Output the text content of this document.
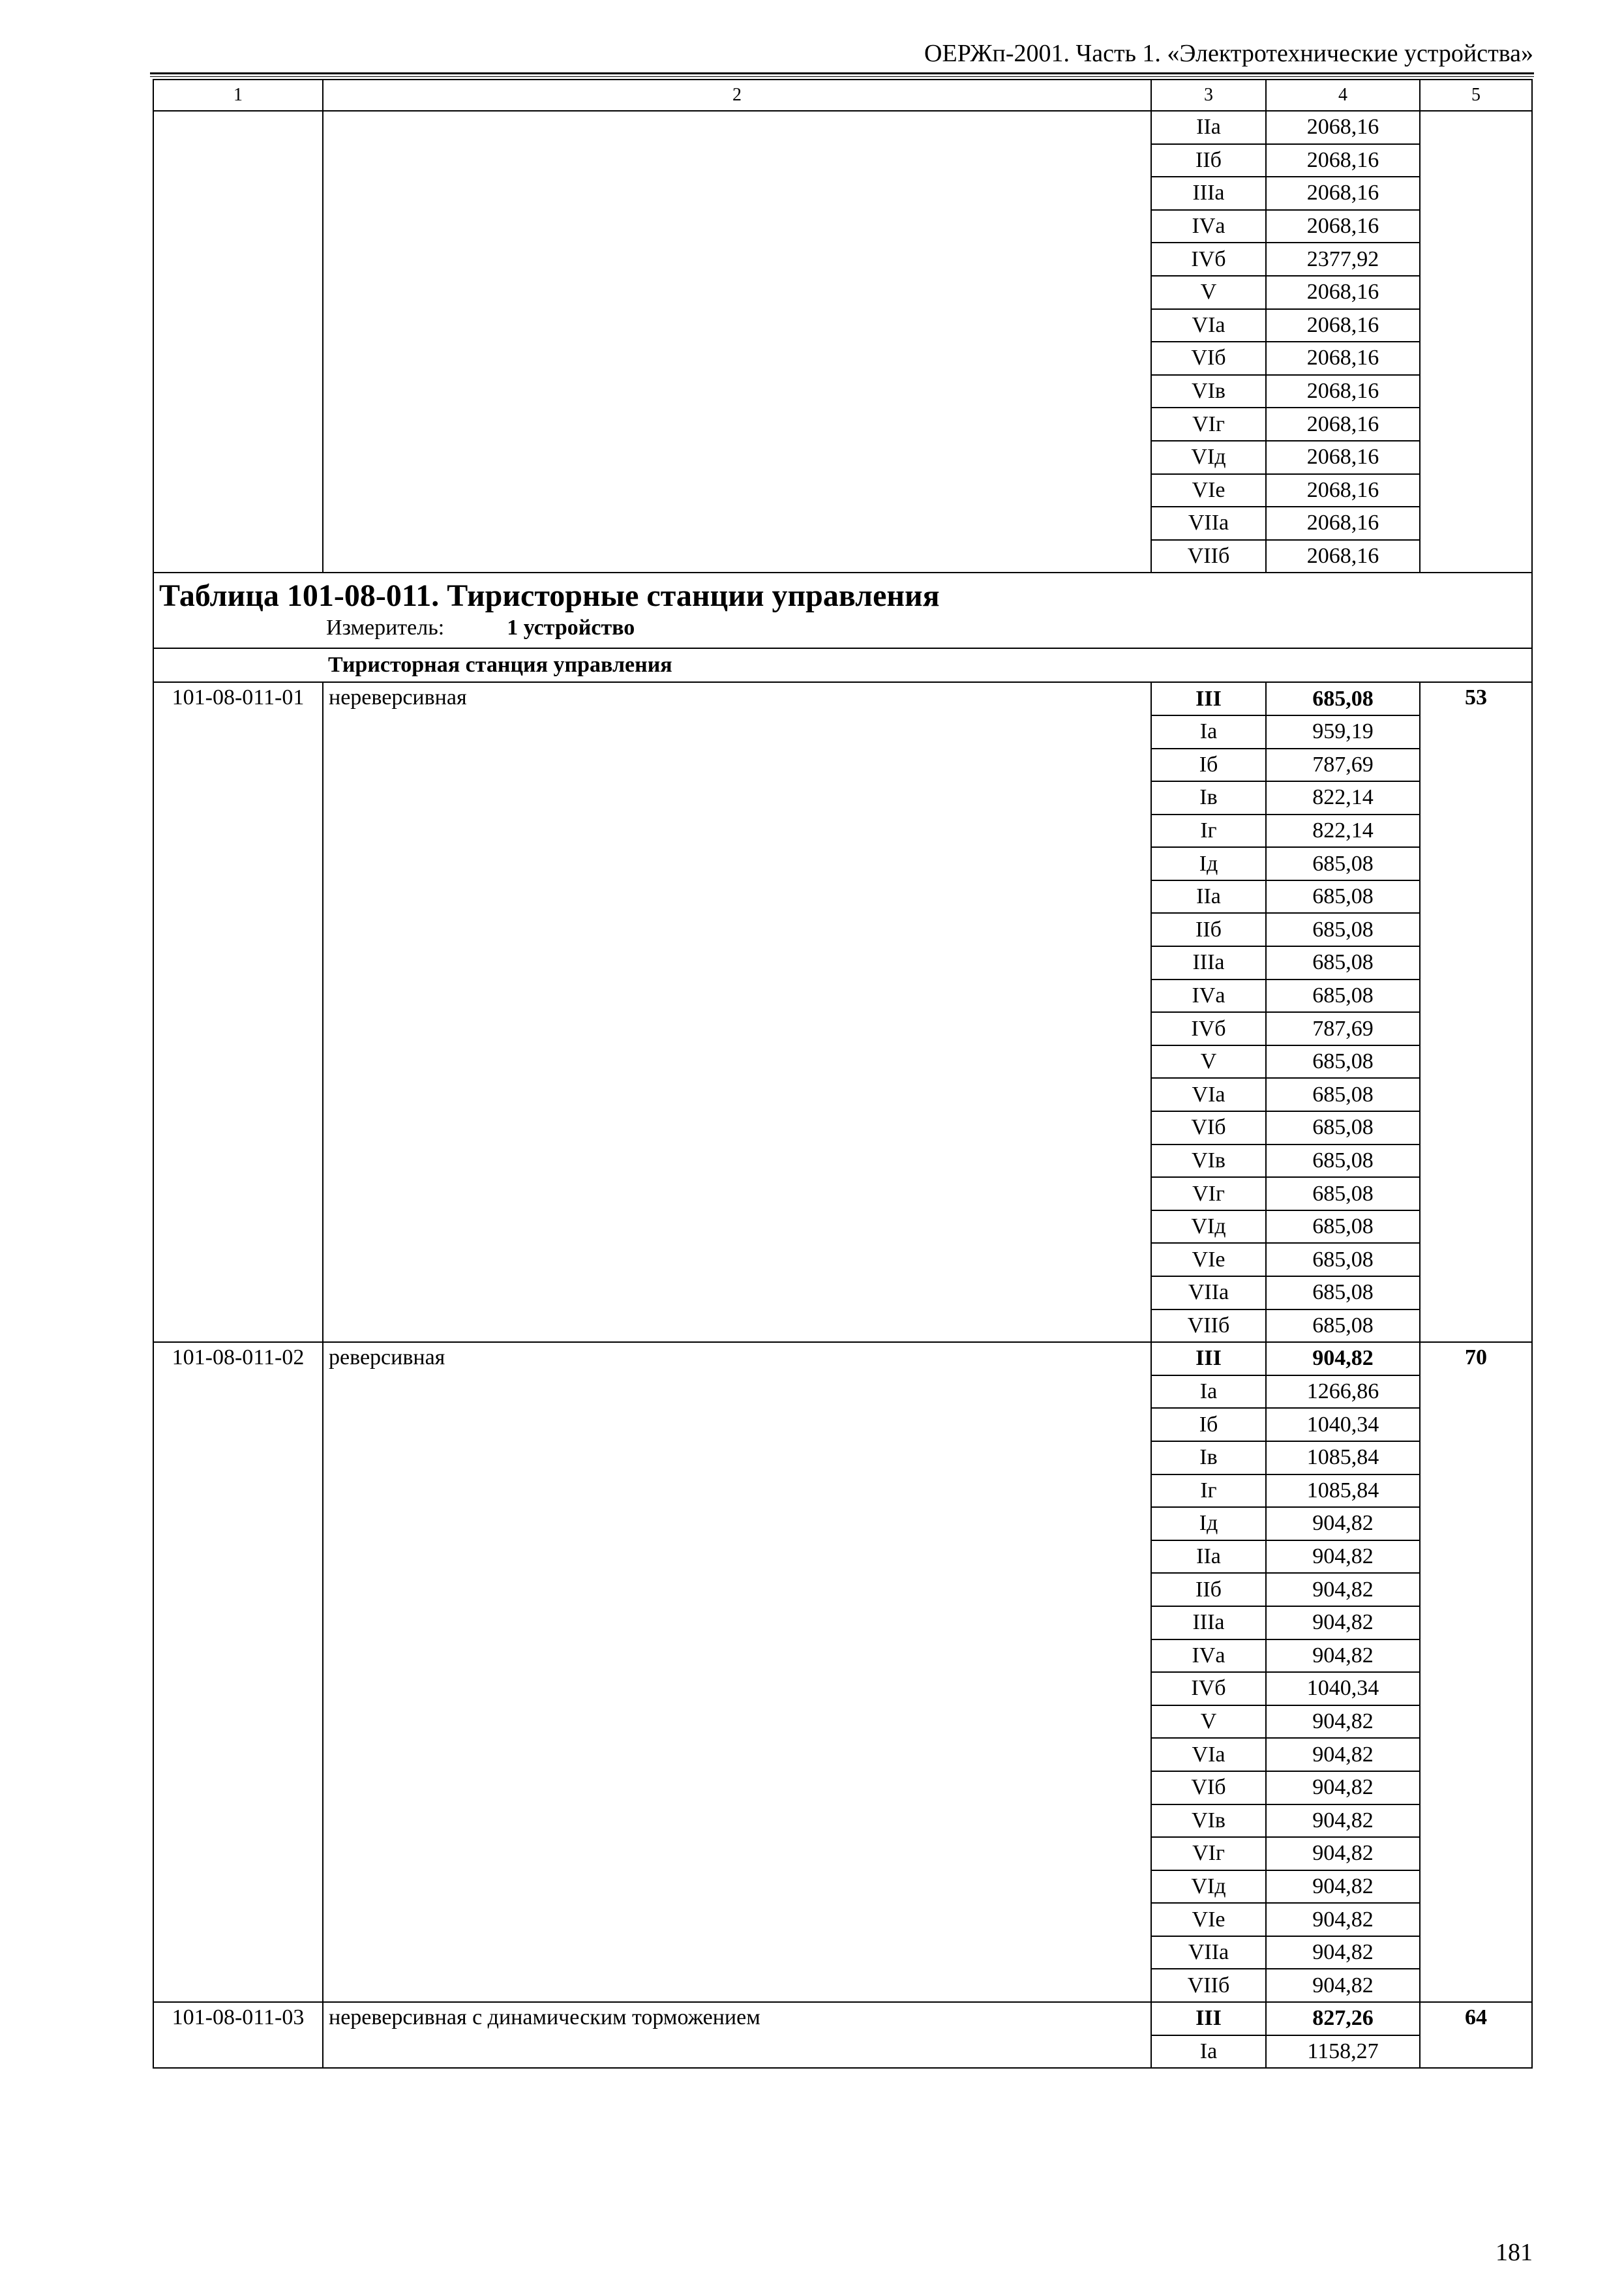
ОЕРЖп-2001. Часть 1. «Электротехнические устройства»
1	2	3	4	5
		IIа	2068,16	
		IIб	2068,16	
		IIIа	2068,16	
		IVа	2068,16	
		IVб	2377,92	
		V	2068,16	
		VIа	2068,16	
		VIб	2068,16	
		VIв	2068,16	
		VIг	2068,16	
		VIд	2068,16	
		VIе	2068,16	
		VIIа	2068,16	
		VIIб	2068,16	

Таблица 101-08-011. Тиристорные станции управления
Измеритель: 1 устройство				

	Тиристорная станция управления			
101-08-011-01	нереверсивная	III	685,08	53
		Iа	959,19	
		Iб	787,69	
		Iв	822,14	
		Iг	822,14	
		Iд	685,08	
		IIа	685,08	
		IIб	685,08	
		IIIа	685,08	
		IVа	685,08	
		IVб	787,69	
		V	685,08	
		VIа	685,08	
		VIб	685,08	
		VIв	685,08	
		VIг	685,08	
		VIд	685,08	
		VIе	685,08	
		VIIа	685,08	
		VIIб	685,08	
101-08-011-02	реверсивная	III	904,82	70
		Iа	1266,86	
		Iб	1040,34	
		Iв	1085,84	
		Iг	1085,84	
		Iд	904,82	
		IIа	904,82	
		IIб	904,82	
		IIIа	904,82	
		IVа	904,82	
		IVб	1040,34	
		V	904,82	
		VIа	904,82	
		VIб	904,82	
		VIв	904,82	
		VIг	904,82	
		VIд	904,82	
		VIе	904,82	
		VIIа	904,82	
		VIIб	904,82	
101-08-011-03	нереверсивная с динамическим торможением	III	827,26	64
		Iа	1158,27	
181
